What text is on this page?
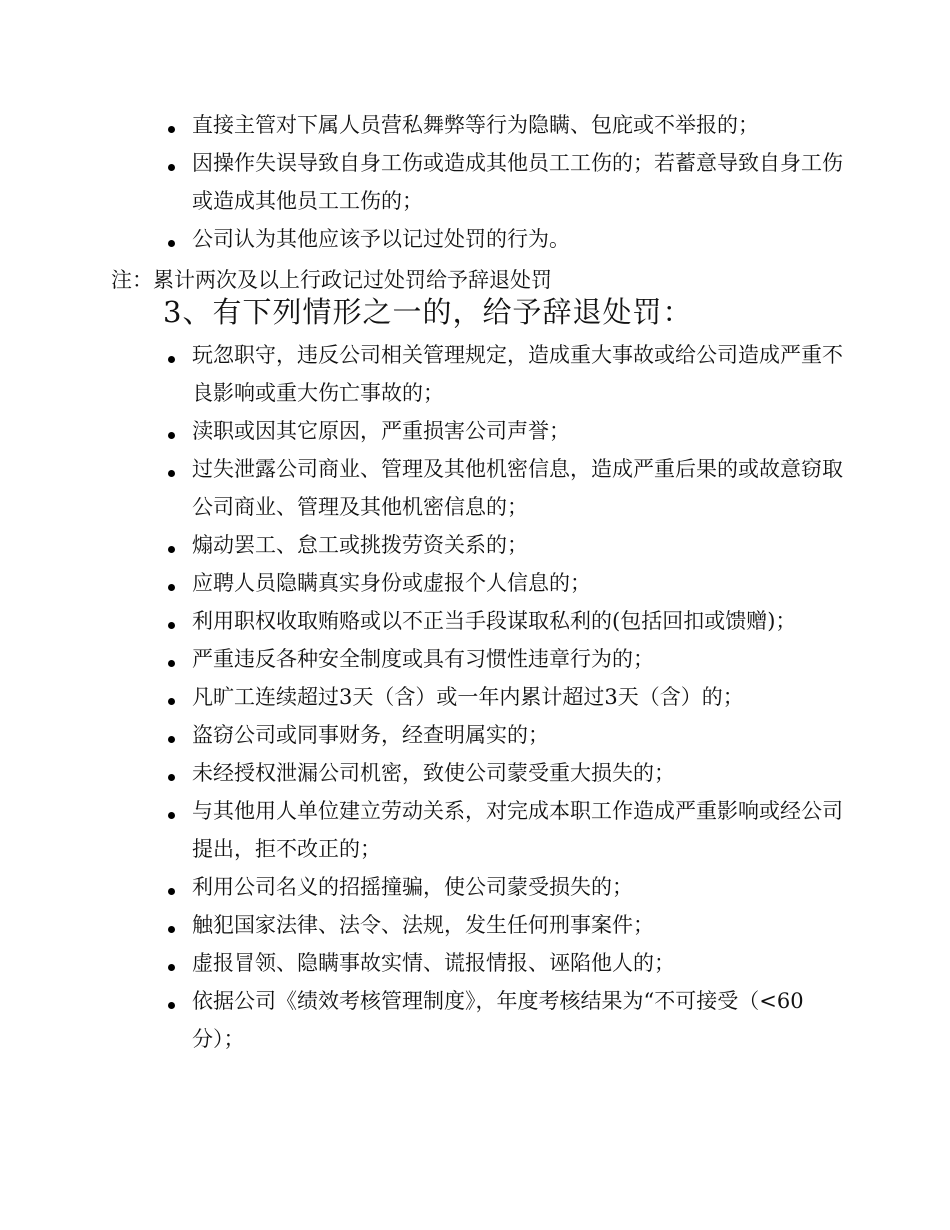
直接主管对下属人员营私舞弊等行为隐瞒、包庇或不举报的；
因操作失误导致自身工伤或造成其他员工工伤的；若蓄意导致自身工伤或造成其他员工工伤的；
公司认为其他应该予以记过处罚的行为。
注：累计两次及以上行政记过处罚给予辞退处罚
3、有下列情形之一的，给予辞退处罚：
玩忽职守，违反公司相关管理规定，造成重大事故或给公司造成严重不良影响或重大伤亡事故的；
渎职或因其它原因，严重损害公司声誉；
过失泄露公司商业、管理及其他机密信息，造成严重后果的或故意窃取公司商业、管理及其他机密信息的；
煽动罢工、怠工或挑拨劳资关系的；
应聘人员隐瞒真实身份或虚报个人信息的；
利用职权收取贿赂或以不正当手段谋取私利的(包括回扣或馈赠)；
严重违反各种安全制度或具有习惯性违章行为的；
凡旷工连续超过3天（含）或一年内累计超过3天（含）的；
盗窃公司或同事财务，经查明属实的；
未经授权泄漏公司机密，致使公司蒙受重大损失的；
与其他用人单位建立劳动关系，对完成本职工作造成严重影响或经公司提出，拒不改正的；
利用公司名义的招摇撞骗，使公司蒙受损失的；
触犯国家法律、法令、法规，发生任何刑事案件；
虚报冒领、隐瞒事故实情、谎报情报、诬陷他人的；
依据公司《绩效考核管理制度》，年度考核结果为“不可接受（<60分）；
